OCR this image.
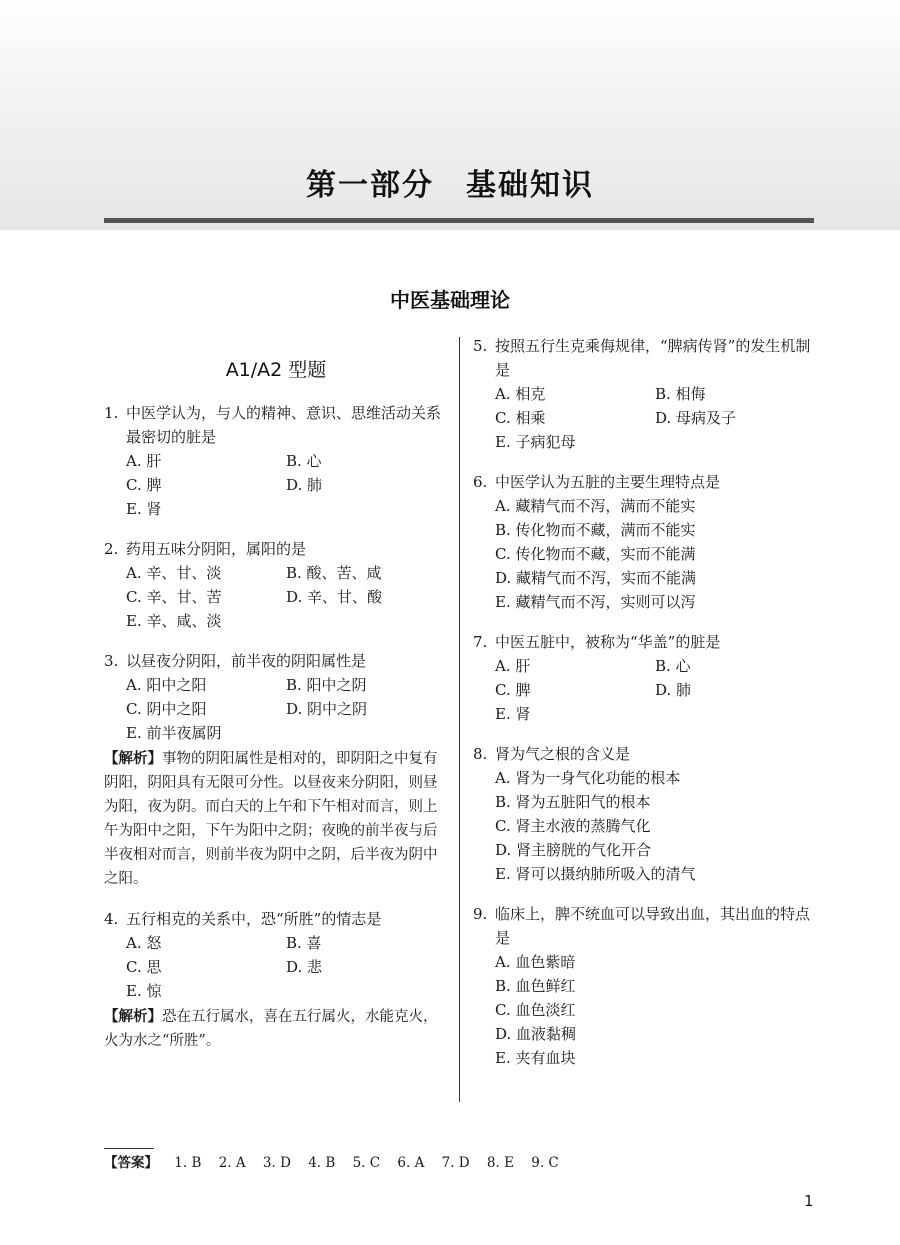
第一部分　基础知识
中医基础理论
A1/A2 型题
1. 中医学认为，与人的精神、意识、思维活动关系最密切的脏是
A. 肝	B. 心
C. 脾	D. 肺
E. 肾
2. 药用五味分阴阳，属阳的是
A. 辛、甘、淡	B. 酸、苦、咸
C. 辛、甘、苦	D. 辛、甘、酸
E. 辛、咸、淡
3. 以昼夜分阴阳，前半夜的阴阳属性是
A. 阳中之阳	B. 阳中之阴
C. 阴中之阳	D. 阴中之阴
E. 前半夜属阴
【解析】事物的阴阳属性是相对的，即阴阳之中复有阴阳，阴阳具有无限可分性。以昼夜来分阴阳，则昼为阳，夜为阴。而白天的上午和下午相对而言，则上午为阳中之阳，下午为阳中之阴；夜晚的前半夜与后半夜相对而言，则前半夜为阴中之阴，后半夜为阴中之阳。
4. 五行相克的关系中，恐“所胜”的情志是
A. 怒	B. 喜
C. 思	D. 悲
E. 惊
【解析】恐在五行属水，喜在五行属火，水能克火，火为水之“所胜”。
5. 按照五行生克乘侮规律，“脾病传肾”的发生机制是
A. 相克	B. 相侮
C. 相乘	D. 母病及子
E. 子病犯母
6. 中医学认为五脏的主要生理特点是
A. 藏精气而不泻，满而不能实
B. 传化物而不藏，满而不能实
C. 传化物而不藏，实而不能满
D. 藏精气而不泻，实而不能满
E. 藏精气而不泻，实则可以泻
7. 中医五脏中，被称为“华盖”的脏是
A. 肝	B. 心
C. 脾	D. 肺
E. 肾
8. 肾为气之根的含义是
A. 肾为一身气化功能的根本
B. 肾为五脏阳气的根本
C. 肾主水液的蒸腾气化
D. 肾主膀胱的气化开合
E. 肾可以摄纳肺所吸入的清气
9. 临床上，脾不统血可以导致出血，其出血的特点是
A. 血色紫暗
B. 血色鲜红
C. 血色淡红
D. 血液黏稠
E. 夹有血块
【答案】 1. B 2. A 3. D 4. B 5. C 6. A 7. D 8. E 9. C
1
